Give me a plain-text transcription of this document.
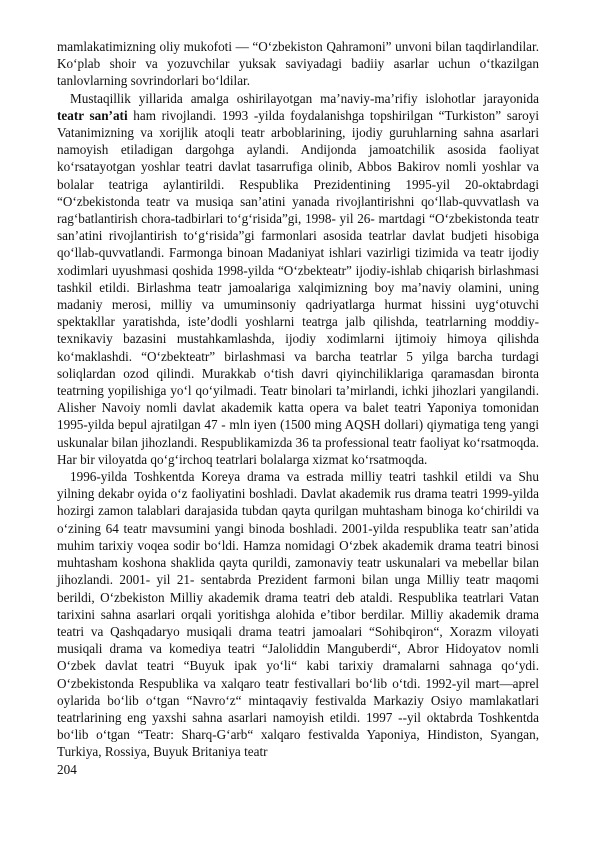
mamlakatimizning oliy mukofoti — “O‘zbekiston Qahramoni” unvoni bilan taqdirlandilar. Ko‘plab shoir va yozuvchilar yuksak saviyadagi badiiy asarlar uchun o‘tkazilgan tanlovlarning sovrindorlari bo‘ldilar.

Mustaqillik yillarida amalga oshirilayotgan ma’naviy-ma’rifiy islohotlar jarayonida teatr san’ati ham rivojlandi. 1993 -yilda foydalanishga topshirilgan “Turkiston” saroyi Vatanimizning va xorijlik atoqli teatr arboblarining, ijodiy guruhlarning sahna asarlari namoyish etiladigan dargohga aylandi. Andijonda jamoatchilik asosida faoliyat ko‘rsatayotgan yoshlar teatri davlat tasarrufiga olinib, Abbos Bakirov nomli yoshlar va bolalar teatriga aylantirildi. Respublika Prezidentining 1995-yil 20-oktabrdagi “O‘zbekistonda teatr va musiqa san’atini yanada rivojlantirishni qo‘llab-quvvatlash va rag‘batlantirish chora-tadbirlari to‘g‘risida”gi, 1998- yil 26- martdagi “O‘zbekistonda teatr san’atini rivojlantirish to‘g‘risida”gi farmonlari asosida teatrlar davlat budjeti hisobiga qo‘llab-quvvatlandi. Farmonga binoan Madaniyat ishlari vazirligi tizimida va teatr ijodiy xodimlari uyushmasi qoshida 1998-yilda “O‘zbekteatr” ijodiy-ishlab chiqarish birlashmasi tashkil etildi. Birlashma teatr jamoalariga xalqimizning boy ma’naviy olamini, uning madaniy merosi, milliy va umuminsoniy qadriyatlarga hurmat hissini uyg‘otuvchi spektakllar yaratishda, iste’dodli yoshlarni teatrga jalb qilishda, teatrlarning moddiy-texnikaviy bazasini mustahkamlashda, ijodiy xodimlarni ijtimoiy himoya qilishda ko‘maklashdi. “O‘zbekteatr” birlashmasi va barcha teatrlar 5 yilga barcha turdagi soliqlardan ozod qilindi. Murakkab o‘tish davri qiyinchiliklariga qaramasdan bironta teatrning yopilishiga yo‘l qo‘yilmadi. Teatr binolari ta’mirlandi, ichki jihozlari yangilandi. Alisher Navoiy nomli davlat akademik katta opera va balet teatri Yaponiya tomonidan 1995-yilda bepul ajratilgan 47 - mln iyen (1500 ming AQSH dollari) qiymatiga teng yangi uskunalar bilan jihozlandi. Respublikamizda 36 ta professional teatr faoliyat ko‘rsatmoqda. Har bir viloyatda qo‘g‘irchoq teatrlari bolalarga xizmat ko‘rsatmoqda.

1996-yilda Toshkentda Koreya drama va estrada milliy teatri tashkil etildi va Shu yilning dekabr oyida o‘z faoliyatini boshladi. Davlat akademik rus drama teatri 1999-yilda hozirgi zamon talablari darajasida tubdan qayta qurilgan muhtasham binoga ko‘chirildi va o‘zining 64 teatr mavsumini yangi binoda boshladi. 2001-yilda respublika teatr san’atida muhim tarixiy voqea sodir bo‘ldi. Hamza nomidagi O‘zbek akademik drama teatri binosi muhtasham koshona shaklida qayta qurildi, zamonaviy teatr uskunalari va mebellar bilan jihozlandi. 2001- yil 21- sentabrda Prezident farmoni bilan unga Milliy teatr maqomi berildi, O‘zbekiston Milliy akademik drama teatri deb ataldi. Respublika teatrlari Vatan tarixini sahna asarlari orqali yoritishga alohida e’tibor berdilar. Milliy akademik drama teatri va Qashqadaryo musiqali drama teatri jamoalari “Sohibqiron“, Xorazm viloyati musiqali drama va komediya teatri “Jaloliddin Manguberdi“, Abror Hidoyatov nomli O‘zbek davlat teatri “Buyuk ipak yo‘li“ kabi tarixiy dramalarni sahnaga qo‘ydi. O‘zbekistonda Respublika va xalqaro teatr festivallari bo‘lib o‘tdi. 1992-yil mart—aprel oylarida bo‘lib o‘tgan “Navro‘z“ mintaqaviy festivalda Markaziy Osiyo mamlakatlari teatrlarining eng yaxshi sahna asarlari namoyish etildi. 1997 --yil oktabrda Toshkentda bo‘lib o‘tgan “Teatr: Sharq-G‘arb“ xalqaro festivalda Yaponiya, Hindiston, Syangan, Turkiya, Rossiya, Buyuk Britaniya teatr

204
